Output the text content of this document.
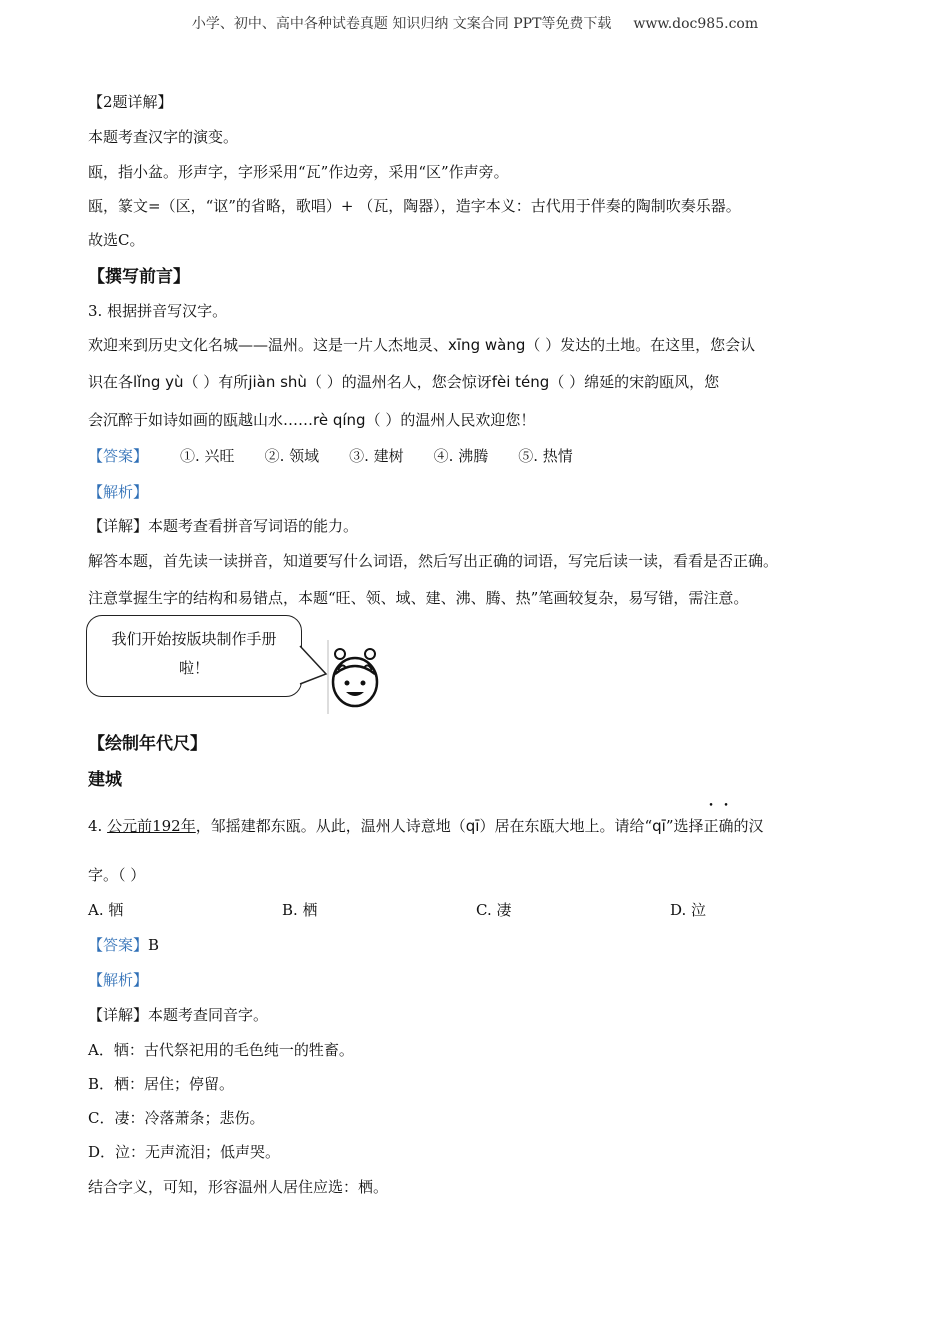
小学、初中、高中各种试卷真题 知识归纳 文案合同 PPT等免费下载 www.doc985.com
【2题详解】
本题考查汉字的演变。
瓯，指小盆。形声字，字形采用“瓦”作边旁，采用“区”作声旁。
瓯，篆文=（区，“讴”的省略，歌唱）+ （瓦，陶器），造字本义：古代用于伴奏的陶制吹奏乐器。
故选C。
【撰写前言】
3. 根据拼音写汉字。
欢迎来到历史文化名城——温州。这是一片人杰地灵、xīng wàng（ ）发达的土地。在这里，您会认
识在各lǐng yù（ ）有所jiàn shù（ ）的温州名人，您会惊讶fèi téng（ ）绵延的宋韵瓯风，您
会沉醉于如诗如画的瓯越山水……rè qíng（ ）的温州人民欢迎您！
【答案】 ①. 兴旺 ②. 领域 ③. 建树 ④. 沸腾 ⑤. 热情
【解析】
【详解】本题考查看拼音写词语的能力。
解答本题，首先读一读拼音，知道要写什么词语，然后写出正确的词语，写完后读一读，看看是否正确。
注意掌握生字的结构和易错点，本题“旺、领、域、建、沸、腾、热”笔画较复杂，易写错，需注意。
我们开始按版块制作手册
啦！
【绘制年代尺】
建城
4. 公元前192年，邹摇建都东瓯。从此，温州人诗意地（qī）居在东瓯大地上。请给“qī”选择正确的汉
字。（ ）
A. 牺	B. 栖	C. 凄	D. 泣
【答案】B
【解析】
【详解】本题考查同音字。
A．牺：古代祭祀用的毛色纯一的牲畜。
B．栖：居住；停留。
C．凄：冷落萧条；悲伤。
D．泣：无声流泪；低声哭。
结合字义，可知，形容温州人居住应选：栖。
